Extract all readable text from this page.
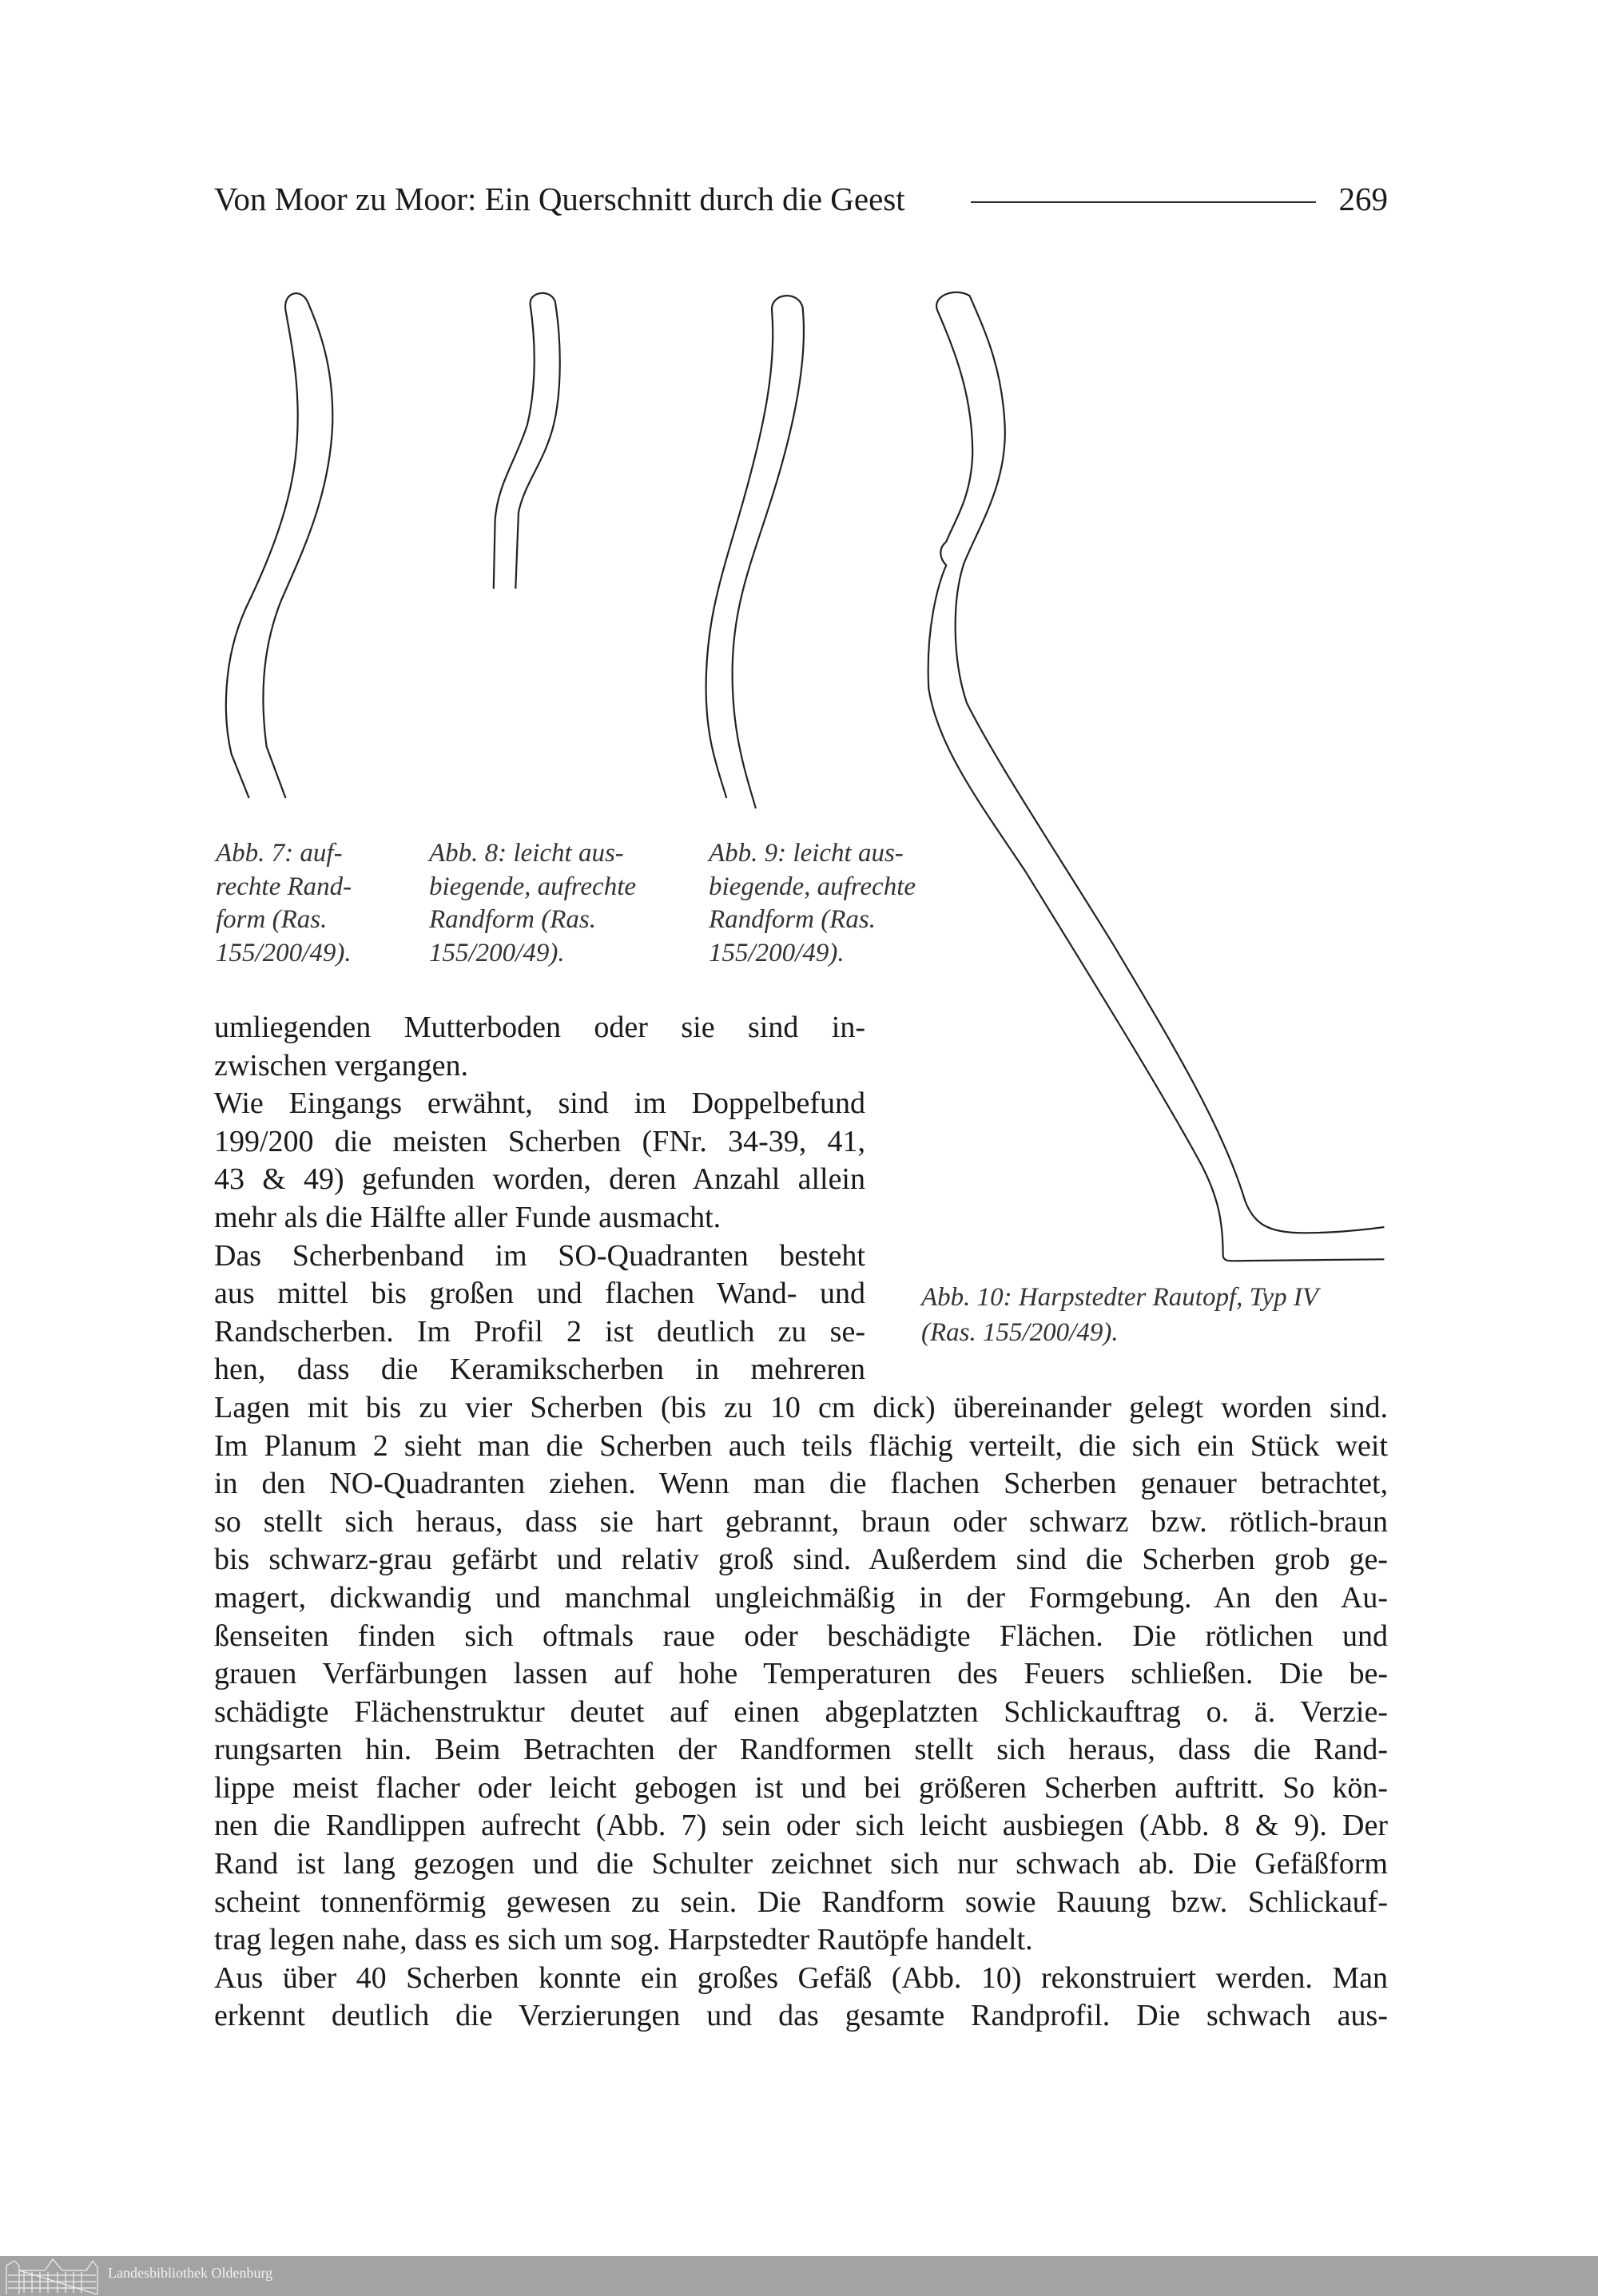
Von Moor zu Moor: Ein Querschnitt durch die Geest	269
Abb. 7: auf-
rechte Rand-
form (Ras.
155/200/49).
Abb. 8: leicht aus-
biegende, aufrechte
Randform (Ras.
155/200/49).
Abb. 9: leicht aus-
biegende, aufrechte
Randform (Ras.
155/200/49).
Abb. 10: Harpstedter Rautopf, Typ IV
(Ras. 155/200/49).
umliegenden Mutterboden oder sie sind in-
zwischen vergangen.
Wie Eingangs erwähnt, sind im Doppelbefund
199/200 die meisten Scherben (FNr. 34-39, 41,
43 & 49) gefunden worden, deren Anzahl allein
mehr als die Hälfte aller Funde ausmacht.
Das Scherbenband im SO-Quadranten besteht
aus mittel bis großen und flachen Wand- und
Randscherben. Im Profil 2 ist deutlich zu se-
hen, dass die Keramikscherben in mehreren
Lagen mit bis zu vier Scherben (bis zu 10 cm dick) übereinander gelegt worden sind.
Im Planum 2 sieht man die Scherben auch teils flächig verteilt, die sich ein Stück weit
in den NO-Quadranten ziehen. Wenn man die flachen Scherben genauer betrachtet,
so stellt sich heraus, dass sie hart gebrannt, braun oder schwarz bzw. rötlich-braun
bis schwarz-grau gefärbt und relativ groß sind. Außerdem sind die Scherben grob ge-
magert, dickwandig und manchmal ungleichmäßig in der Formgebung. An den Au-
ßenseiten finden sich oftmals raue oder beschädigte Flächen. Die rötlichen und
grauen Verfärbungen lassen auf hohe Temperaturen des Feuers schließen. Die be-
schädigte Flächenstruktur deutet auf einen abgeplatzten Schlickauftrag o. ä. Verzie-
rungsarten hin. Beim Betrachten der Randformen stellt sich heraus, dass die Rand-
lippe meist flacher oder leicht gebogen ist und bei größeren Scherben auftritt. So kön-
nen die Randlippen aufrecht (Abb. 7) sein oder sich leicht ausbiegen (Abb. 8 & 9). Der
Rand ist lang gezogen und die Schulter zeichnet sich nur schwach ab. Die Gefäßform
scheint tonnenförmig gewesen zu sein. Die Randform sowie Rauung bzw. Schlickauf-
trag legen nahe, dass es sich um sog. Harpstedter Rautöpfe handelt.
Aus über 40 Scherben konnte ein großes Gefäß (Abb. 10) rekonstruiert werden. Man
erkennt deutlich die Verzierungen und das gesamte Randprofil. Die schwach aus-
Landesbibliothek Oldenburg
